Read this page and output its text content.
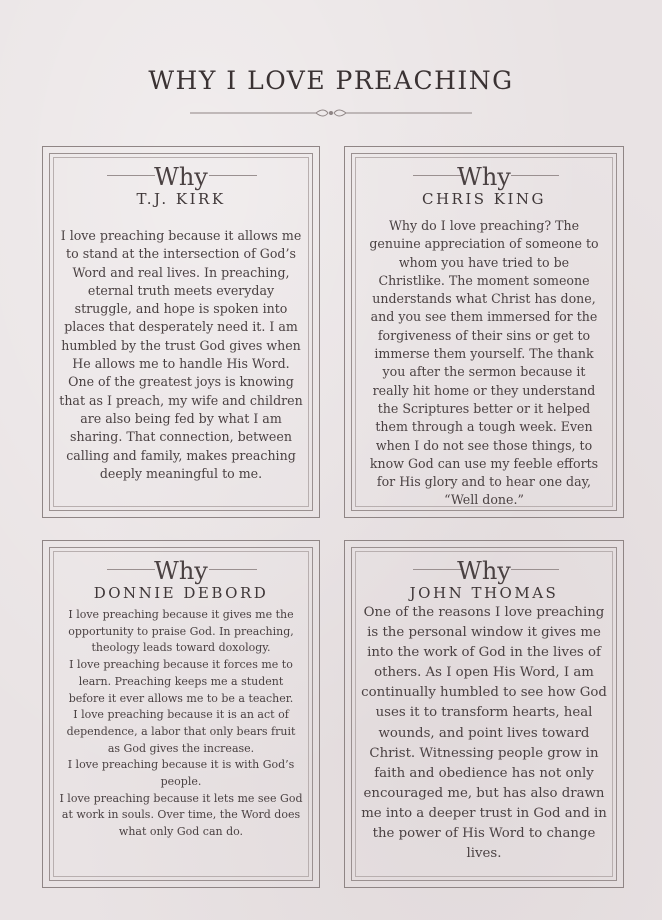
WHY I LOVE PREACHING
Why
T.J. KIRK
I love preaching because it allows me to stand at the intersection of God’s Word and real lives. In preaching, eternal truth meets everyday struggle, and hope is spoken into places that desperately need it. I am humbled by the trust God gives when He allows me to handle His Word. One of the greatest joys is knowing that as I preach, my wife and children are also being fed by what I am sharing. That connection, between calling and family, makes preaching deeply meaningful to me.
Why
CHRIS KING
Why do I love preaching? The genuine appreciation of someone to whom you have tried to be Christlike. The moment someone understands what Christ has done, and you see them immersed for the forgiveness of their sins or get to immerse them yourself. The thank you after the sermon because it really hit home or they understand the Scriptures better or it helped them through a tough week. Even when I do not see those things, to know God can use my feeble efforts for His glory and to hear one day, “Well done.”
Why
DONNIE DEBORD

I love preaching because it gives me the opportunity to praise God. In preaching, theology leads toward doxology.

I love preaching because it forces me to learn. Preaching keeps me a student before it ever allows me to be a teacher.

I love preaching because it is an act of dependence, a labor that only bears fruit as God gives the increase.

I love preaching because it is with God’s people.

I love preaching because it lets me see God at work in souls. Over time, the Word does what only God can do.

Why
JOHN THOMAS
One of the reasons I love preaching is the personal window it gives me into the work of God in the lives of others. As I open His Word, I am continually humbled to see how God uses it to transform hearts, heal wounds, and point lives toward Christ. Witnessing people grow in faith and obedience has not only encouraged me, but has also drawn me into a deeper trust in God and in the power of His Word to change lives.
